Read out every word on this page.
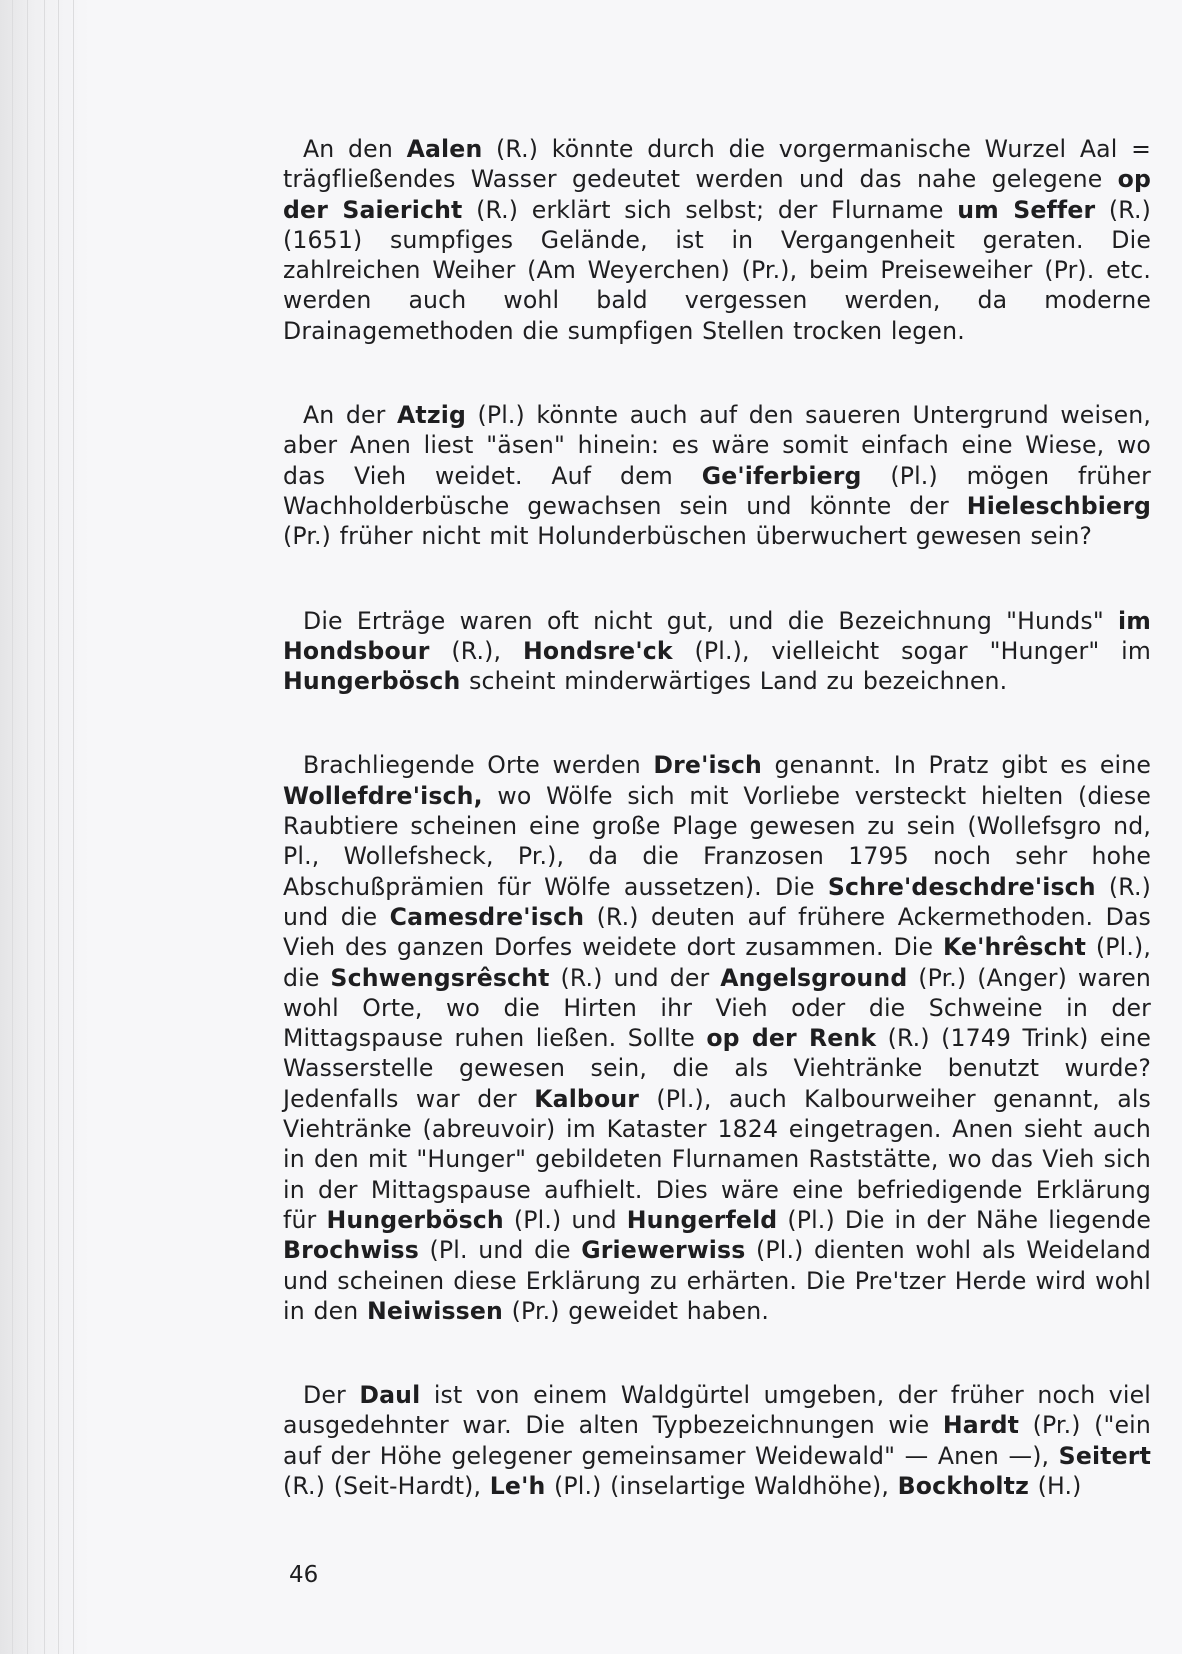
An den Aalen (R.) könnte durch die vorgermanische Wurzel Aal = trägfließendes Wasser gedeutet werden und das nahe gelegene op der Saiericht (R.) erklärt sich selbst; der Flurname um Seffer (R.) (1651) sumpfiges Gelände, ist in Vergangenheit geraten. Die zahlreichen Weiher (Am Weyerchen) (Pr.), beim Preiseweiher (Pr). etc. werden auch wohl bald vergessen werden, da moderne Drainagemethoden die sumpfigen Stellen trocken legen.

An der Atzig (Pl.) könnte auch auf den saueren Untergrund weisen, aber Anen liest "äsen" hinein: es wäre somit einfach eine Wiese, wo das Vieh weidet. Auf dem Ge'iferbierg (Pl.) mögen früher Wachholderbüsche gewachsen sein und könnte der Hieleschbierg (Pr.) früher nicht mit Holunderbüschen überwuchert gewesen sein?

Die Erträge waren oft nicht gut, und die Bezeichnung "Hunds" im Hondsbour (R.), Hondsre'ck (Pl.), vielleicht sogar "Hunger" im Hungerbösch scheint minderwärtiges Land zu bezeichnen.

Brachliegende Orte werden Dre'isch genannt. In Pratz gibt es eine Wollefdre'isch, wo Wölfe sich mit Vorliebe versteckt hielten (diese Raubtiere scheinen eine große Plage gewesen zu sein (Wollefsgro nd, Pl., Wollefsheck, Pr.), da die Franzosen 1795 noch sehr hohe Abschußprämien für Wölfe aussetzen). Die Schre'deschdre'isch (R.) und die Camesdre'isch (R.) deuten auf frühere Ackermethoden. Das Vieh des ganzen Dorfes weidete dort zusammen. Die Ke'hrêscht (Pl.), die Schwengsrêscht (R.) und der Angelsground (Pr.) (Anger) waren wohl Orte, wo die Hirten ihr Vieh oder die Schweine in der Mittagspause ruhen ließen. Sollte op der Renk (R.) (1749 Trink) eine Wasserstelle gewesen sein, die als Viehtränke benutzt wurde? Jedenfalls war der Kalbour (Pl.), auch Kalbourweiher genannt, als Viehtränke (abreuvoir) im Kataster 1824 eingetragen. Anen sieht auch in den mit "Hunger" gebildeten Flurnamen Raststätte, wo das Vieh sich in der Mittagspause aufhielt. Dies wäre eine befriedigende Erklärung für Hungerbösch (Pl.) und Hungerfeld (Pl.) Die in der Nähe liegende Brochwiss (Pl. und die Griewerwiss (Pl.) dienten wohl als Weideland und scheinen diese Erklärung zu erhärten. Die Pre'tzer Herde wird wohl in den Neiwissen (Pr.) geweidet haben.

Der Daul ist von einem Waldgürtel umgeben, der früher noch viel ausgedehnter war. Die alten Typbezeichnungen wie Hardt (Pr.) ("ein auf der Höhe gelegener gemeinsamer Weidewald" — Anen —), Seitert (R.) (Seit-Hardt), Le'h (Pl.) (inselartige Waldhöhe), Bockholtz (H.)

46
